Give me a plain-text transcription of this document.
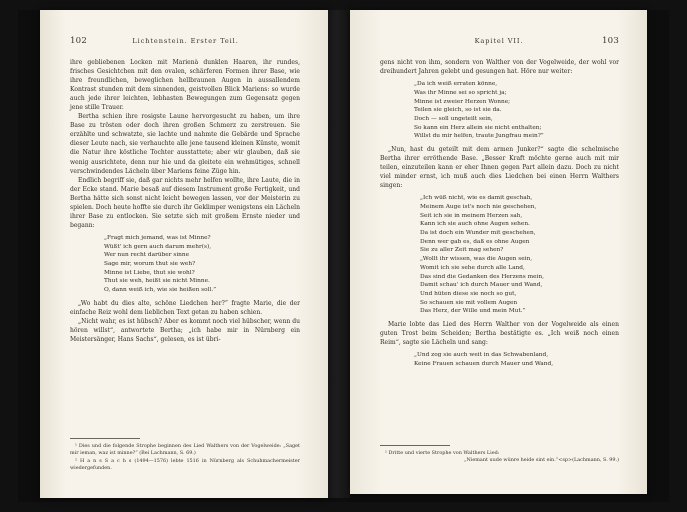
102	Lichtenstein. Erster Teil.

ihre gebliebenen Locken mit Marienà dunklen Haaren, ihr rundes, frisches Gesichtchen mit den ovalen, schärferen Formen ihrer Base, wie ihre freundlichen, beweglichen hellbraunen Augen in aussallendem Kontrast stunden mit dem sinnenden, geistvollen Blick Mariens: so wurde auch jede ihrer leichten, lebhasten Bewegungen zum Gegensatz gegen jene stille Trauer.

Bertha schien ihre rosigste Laune hervorgesucht zu haben, um ihre Base zu trösten oder doch ihren großen Schmerz zu zerstreuen. Sie erzählte und schwatzte, sie lachte und nahmte die Gebärde und Sprache dieser Leute nach, sie verhauchte alle jene tausend kleinen Künste, womit die Natur ihre köstliche Tochter ausstattete; aber wir glauben, daß sie wenig ausrichtete, denn nur hie und da gleitete ein wehmütiges, schnell verschwindendes Lächeln über Mariens feine Züge hin.

Endlich begriff sie, daß gar nichts mehr helfen wollte, ihre Laute, die in der Ecke stand. Marie besaß auf diesem Instrument große Fertigkeit, und Bertha hätte sich sonst nicht leicht bewegen lassen, vor der Meisterin zu spielen. Doch heute hoffte sie durch ihr Geklimper wenigstens ein Lächeln ihrer Base zu entlocken. Sie setzte sich mit großem Ernste nieder und begann:

„Fragt mich jemand, was ist Minne?
Wüßt' ich gern auch darum mehr(s),
Wer nun recht darüber sinne
Sage mir, worum thut sie weh?
Minne ist Liebe, thut sie wohl?
Thut sie weh, heißt sie nicht Minne.
O, dann weiß ich, wie sie heißen soll.”

„Wo habt du dies alte, schöne Liedchen her?” fragte Marie, die der einfache Reiz wohl dem lieblichen Text getan zu haben schien.

„Nicht wahr, es ist hübsch? Aber es kommt noch viel hübscher, wenn du hören willst“, antwortete Bertha; „ich habe mir in Nürnberg ein Meistersänger, Hans Sachs“, gelesen, es ist übri-

¹ Dies und die folgende Strophe beginnen des Lied Walthers von der Vogelweide: „Saget mir ieman, waz ist minne?“ (Bei Lachmann, S. 69.)

² H a n s S a c h s (1494—1576) lebte 1516 in Nürnberg als Schuhmachermeister wiedergefunden.

Kapitel VII.	103

gens nicht von ihm, sondern von Walther von der Vogelweide, der wohl vor dreihundert Jahren gelebt und gesungen hat. Höre nur weiter:

„Da ich weiß erraten könne,
Was ihr Minne sei so spricht ja;
Minne ist zweier Herzen Wonne;
Teilen sie gleich, so ist sie da.
Doch — soll ungeteilt sein,
So kann ein Herz allein sie nicht enthalten;
Willst du mir helfen, traute Jungfrau mein?”

„Nun, hast du geteilt mit dem armen Junker?“ sagte die schelmische Bertha ihrer erröthende Base. „Besser Kraft möchte gerne auch mit mir teilen, einzuteilen kann er eher Ihnen gegen Part allein dazu. Doch zu nicht viel minder ernst, ich muß auch dies Liedchen bei einen Herrn Walthers singen:

„Ich wüß nicht, wie es damit geschah,
Meinem Auge ist's noch nie geschehen,
Seit ich sie in meinem Herzen sah,
Kann ich sie auch ohne Augen sehen.
Da ist doch ein Wunder mit geschehen,
Denn wer gab es, daß es ohne Augen
Sie zu aller Zeit mag sehen?
„Wollt ihr wissen, was die Augen sein,
Womit ich sie sehe durch alle Land,
Das sind die Gedanken des Herzens mein,
Damit schau' ich durch Mauer und Wand,
Und hüten diese sie noch so gut,
So schauen sie mit vollem Augen
Das Herz, der Wille und mein Mut.”

Marie lobte das Lied des Herrn Walther von der Vogelweide als einen guten Trost beim Scheiden; Bertha bestätigte es. „Ich weiß noch einen Reim“, sagte sie Lächeln und sang:

„Und zog sie auch weit in das Schwabenland,
Keine Frauen schauen durch Mauer und Wand,

¹ Dritte und vierte Strophe von Walthers Lied:

„Niemant uude wünre heide sint ein.“<sp>(Lachmann, S. 99.)
